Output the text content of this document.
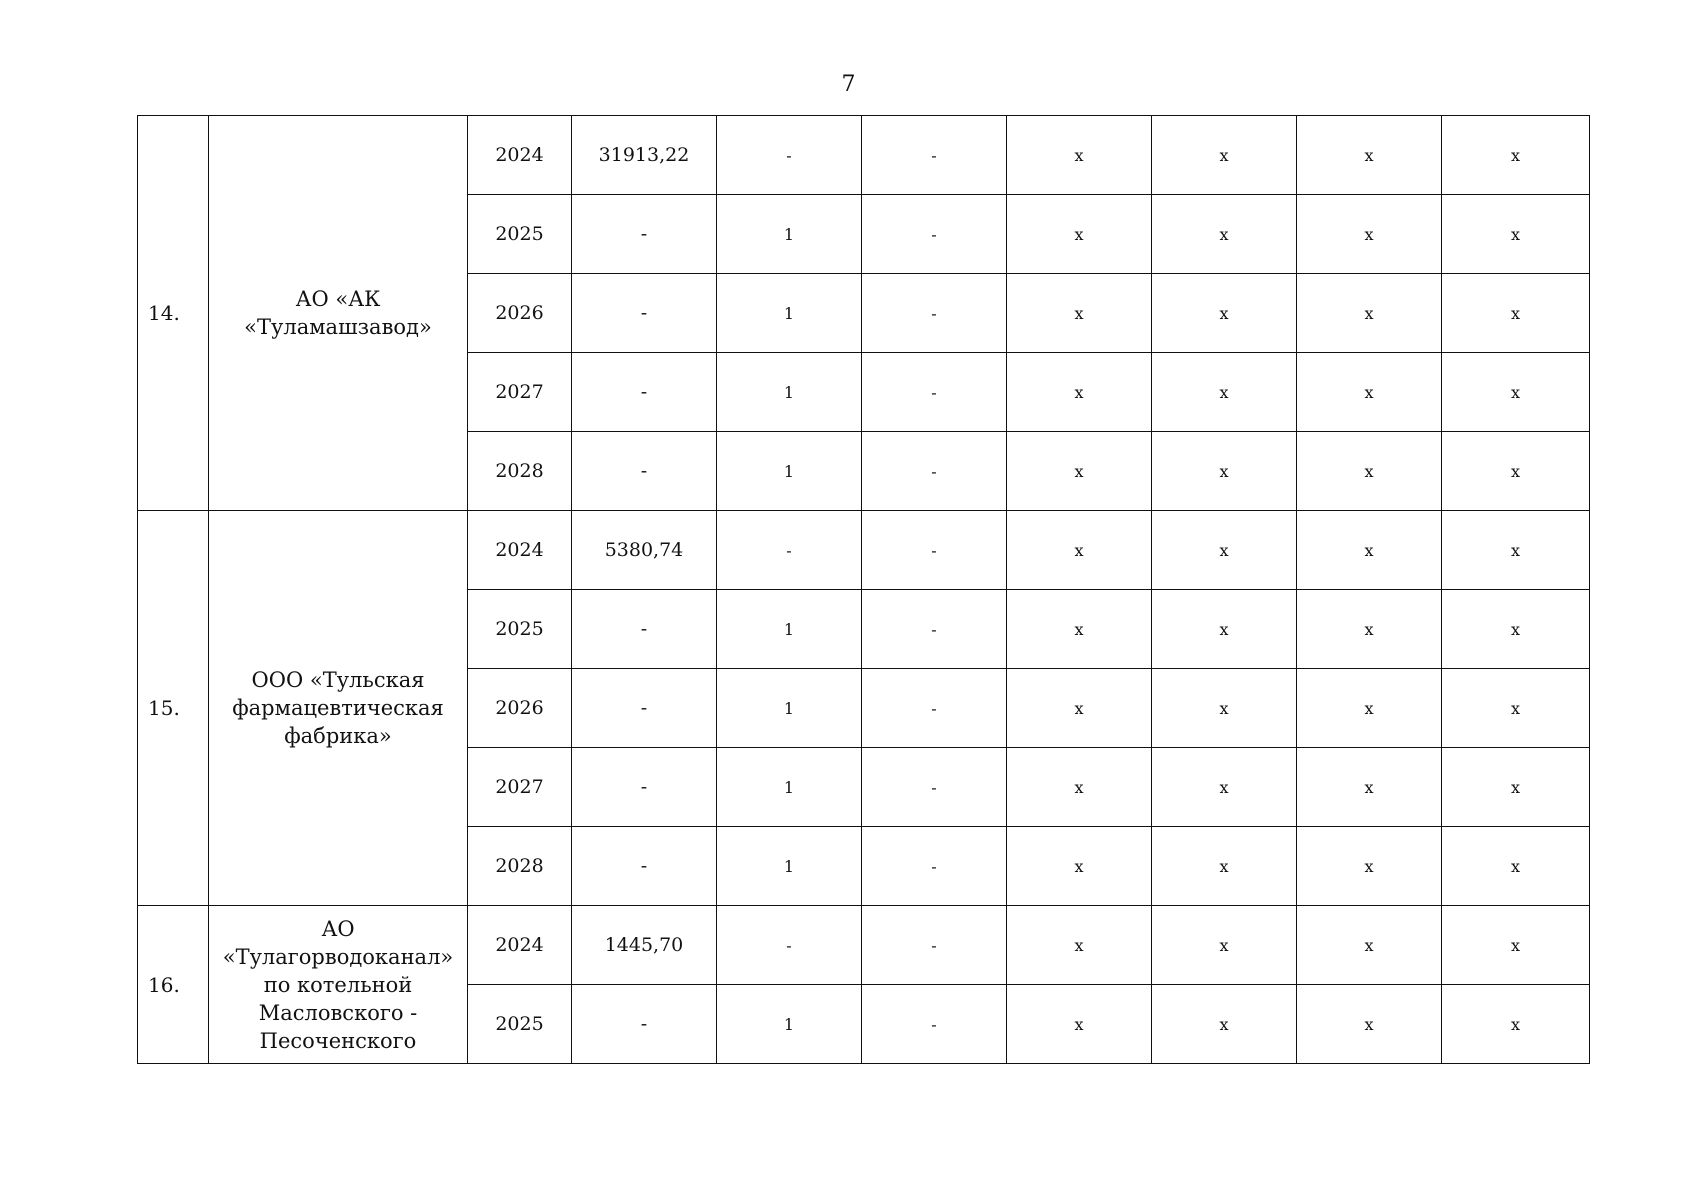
7
14.	АО «АК «Туламашзавод»	2024	31913,22	-	-	х	х	х	х
		2025	-	1	-	х	х	х	х
		2026	-	1	-	х	х	х	х
		2027	-	1	-	х	х	х	х
		2028	-	1	-	х	х	х	х
15.	ООО «Тульская фармацевтическая фабрика»	2024	5380,74	-	-	х	х	х	х
		2025	-	1	-	х	х	х	х
		2026	-	1	-	х	х	х	х
		2027	-	1	-	х	х	х	х
		2028	-	1	-	х	х	х	х
16.	АО «Тулагорводоканал» по котельной Масловского - Песоченского	2024	1445,70	-	-	х	х	х	х
		2025	-	1	-	х	х	х	х
